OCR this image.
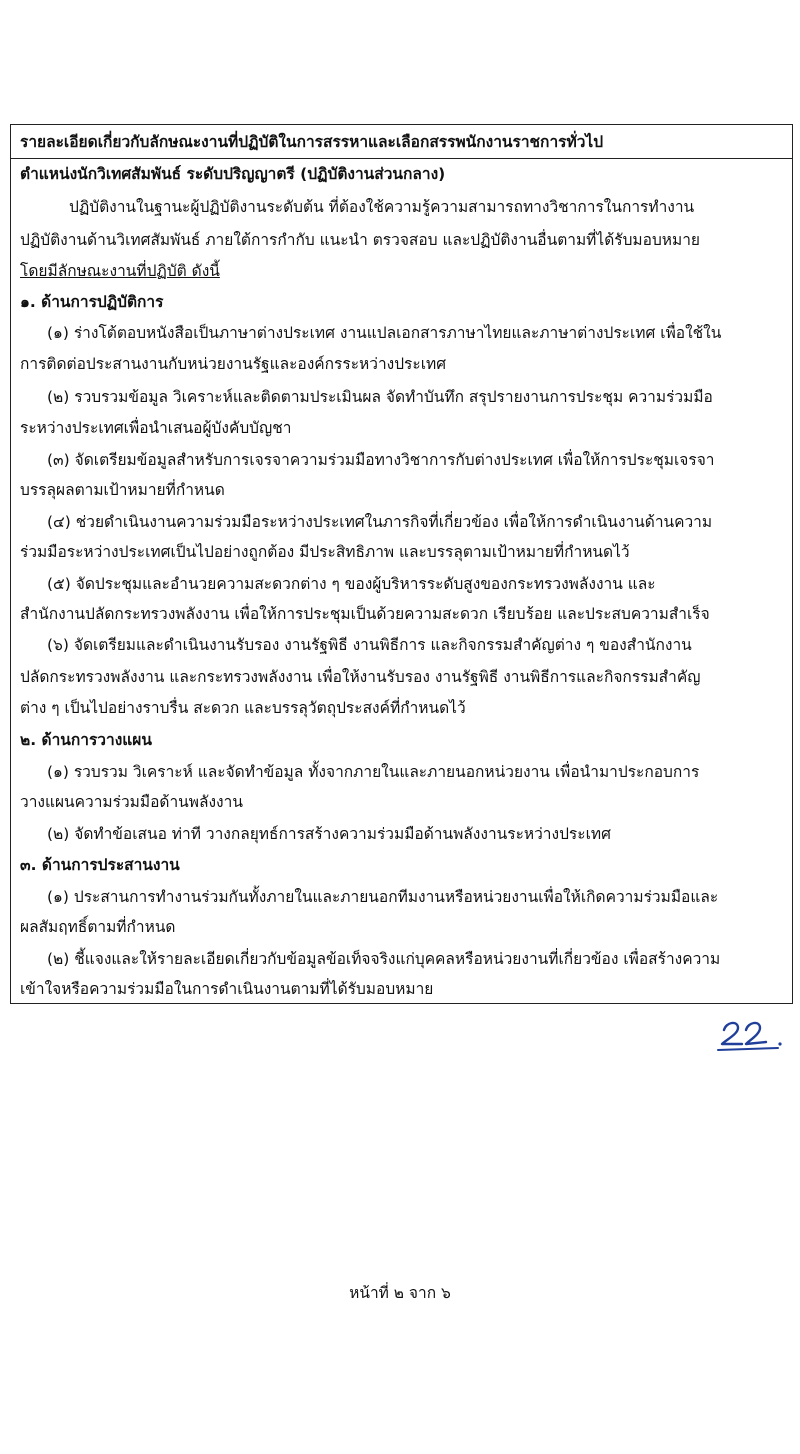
รายละเอียดเกี่ยวกับลักษณะงานที่ปฏิบัติในการสรรหาและเลือกสรรพนักงานราชการทั่วไป
ตำแหน่งนักวิเทศสัมพันธ์ ระดับปริญญาตรี (ปฏิบัติงานส่วนกลาง)
ปฏิบัติงานในฐานะผู้ปฏิบัติงานระดับต้น ที่ต้องใช้ความรู้ความสามารถทางวิชาการในการทำงาน
ปฏิบัติงานด้านวิเทศสัมพันธ์ ภายใต้การกำกับ แนะนำ ตรวจสอบ และปฏิบัติงานอื่นตามที่ได้รับมอบหมาย
โดยมีลักษณะงานที่ปฏิบัติ ดังนี้
๑. ด้านการปฏิบัติการ
(๑) ร่างโต้ตอบหนังสือเป็นภาษาต่างประเทศ งานแปลเอกสารภาษาไทยและภาษาต่างประเทศ เพื่อใช้ใน
การติดต่อประสานงานกับหน่วยงานรัฐและองค์กรระหว่างประเทศ
(๒) รวบรวมข้อมูล วิเคราะห์และติดตามประเมินผล จัดทำบันทึก สรุปรายงานการประชุม ความร่วมมือ
ระหว่างประเทศเพื่อนำเสนอผู้บังคับบัญชา
(๓) จัดเตรียมข้อมูลสำหรับการเจรจาความร่วมมือทางวิชาการกับต่างประเทศ เพื่อให้การประชุมเจรจา
บรรลุผลตามเป้าหมายที่กำหนด
(๔) ช่วยดำเนินงานความร่วมมือระหว่างประเทศในภารกิจที่เกี่ยวข้อง เพื่อให้การดำเนินงานด้านความ
ร่วมมือระหว่างประเทศเป็นไปอย่างถูกต้อง มีประสิทธิภาพ และบรรลุตามเป้าหมายที่กำหนดไว้
(๕) จัดประชุมและอำนวยความสะดวกต่าง ๆ ของผู้บริหารระดับสูงของกระทรวงพลังงาน และ
สำนักงานปลัดกระทรวงพลังงาน เพื่อให้การประชุมเป็นด้วยความสะดวก เรียบร้อย และประสบความสำเร็จ
(๖) จัดเตรียมและดำเนินงานรับรอง งานรัฐพิธี งานพิธีการ และกิจกรรมสำคัญต่าง ๆ ของสำนักงาน
ปลัดกระทรวงพลังงาน และกระทรวงพลังงาน เพื่อให้งานรับรอง งานรัฐพิธี งานพิธีการและกิจกรรมสำคัญ
ต่าง ๆ เป็นไปอย่างราบรื่น สะดวก และบรรลุวัตถุประสงค์ที่กำหนดไว้
๒. ด้านการวางแผน
(๑) รวบรวม วิเคราะห์ และจัดทำข้อมูล ทั้งจากภายในและภายนอกหน่วยงาน เพื่อนำมาประกอบการ
วางแผนความร่วมมือด้านพลังงาน
(๒) จัดทำข้อเสนอ ท่าที วางกลยุทธ์การสร้างความร่วมมือด้านพลังงานระหว่างประเทศ
๓. ด้านการประสานงาน
(๑) ประสานการทำงานร่วมกันทั้งภายในและภายนอกทีมงานหรือหน่วยงานเพื่อให้เกิดความร่วมมือและ
ผลสัมฤทธิ์ตามที่กำหนด
(๒) ชี้แจงและให้รายละเอียดเกี่ยวกับข้อมูลข้อเท็จจริงแก่บุคคลหรือหน่วยงานที่เกี่ยวข้อง เพื่อสร้างความ
เข้าใจหรือความร่วมมือในการดำเนินงานตามที่ได้รับมอบหมาย
หน้าที่ ๒ จาก ๖
